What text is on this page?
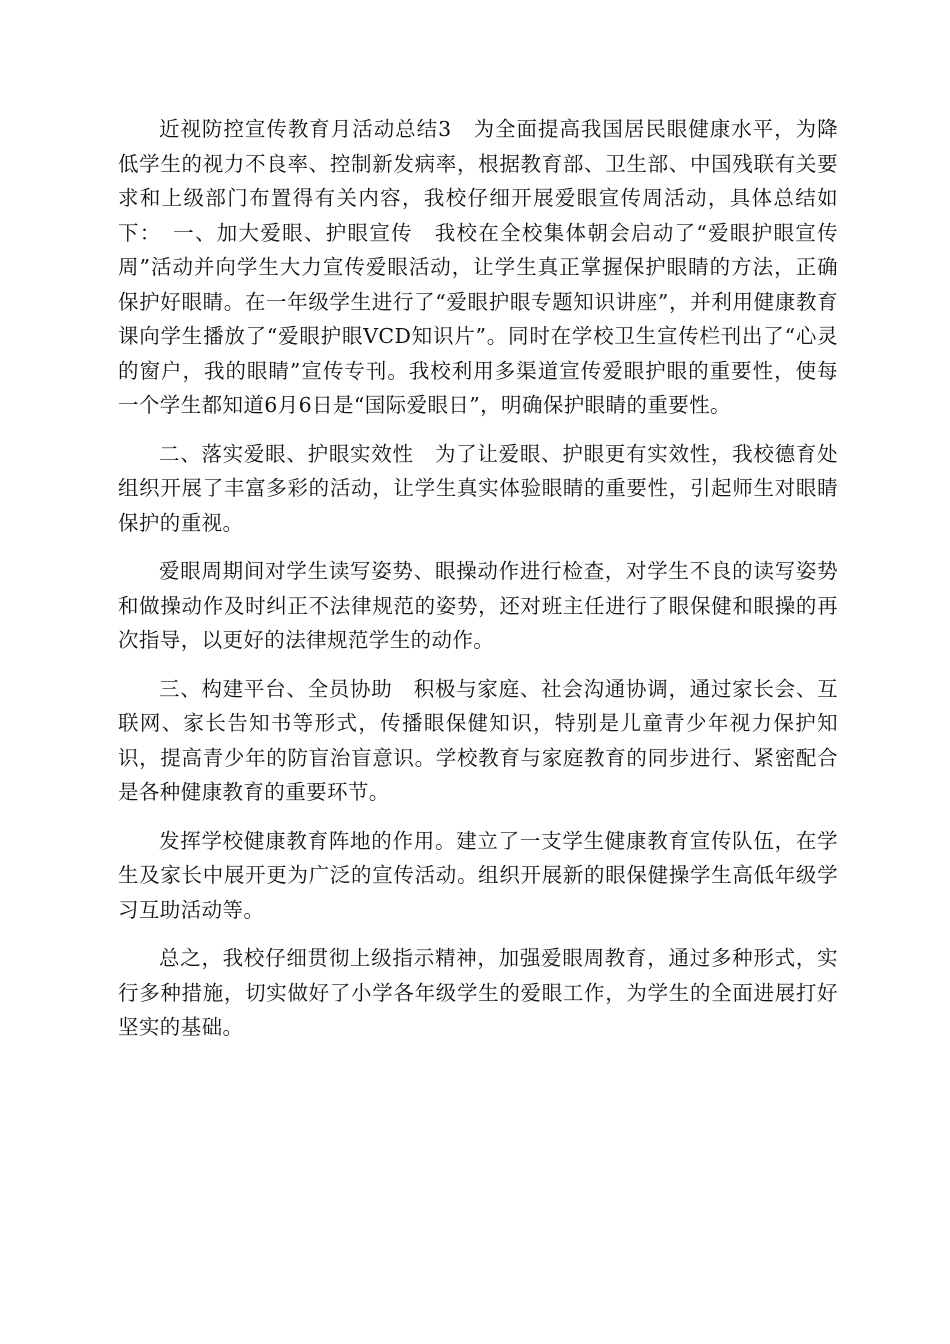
近视防控宣传教育月活动总结3　为全面提高我国居民眼健康水平，为降低学生的视力不良率、控制新发病率，根据教育部、卫生部、中国残联有关要求和上级部门布置得有关内容，我校仔细开展爱眼宣传周活动，具体总结如下：　一、加大爱眼、护眼宣传　我校在全校集体朝会启动了“爱眼护眼宣传周”活动并向学生大力宣传爱眼活动，让学生真正掌握保护眼睛的方法，正确保护好眼睛。在一年级学生进行了“爱眼护眼专题知识讲座”，并利用健康教育课向学生播放了“爱眼护眼VCD知识片”。同时在学校卫生宣传栏刊出了“心灵的窗户，我的眼睛”宣传专刊。我校利用多渠道宣传爱眼护眼的重要性，使每一个学生都知道6月6日是“国际爱眼日”，明确保护眼睛的重要性。

二、落实爱眼、护眼实效性　为了让爱眼、护眼更有实效性，我校德育处组织开展了丰富多彩的活动，让学生真实体验眼睛的重要性，引起师生对眼睛保护的重视。

爱眼周期间对学生读写姿势、眼操动作进行检查，对学生不良的读写姿势和做操动作及时纠正不法律规范的姿势，还对班主任进行了眼保健和眼操的再次指导，以更好的法律规范学生的动作。

三、构建平台、全员协助　积极与家庭、社会沟通协调，通过家长会、互联网、家长告知书等形式，传播眼保健知识，特别是儿童青少年视力保护知识，提高青少年的防盲治盲意识。学校教育与家庭教育的同步进行、紧密配合是各种健康教育的重要环节。

发挥学校健康教育阵地的作用。建立了一支学生健康教育宣传队伍，在学生及家长中展开更为广泛的宣传活动。组织开展新的眼保健操学生高低年级学习互助活动等。

总之，我校仔细贯彻上级指示精神，加强爱眼周教育，通过多种形式，实行多种措施，切实做好了小学各年级学生的爱眼工作，为学生的全面进展打好坚实的基础。
